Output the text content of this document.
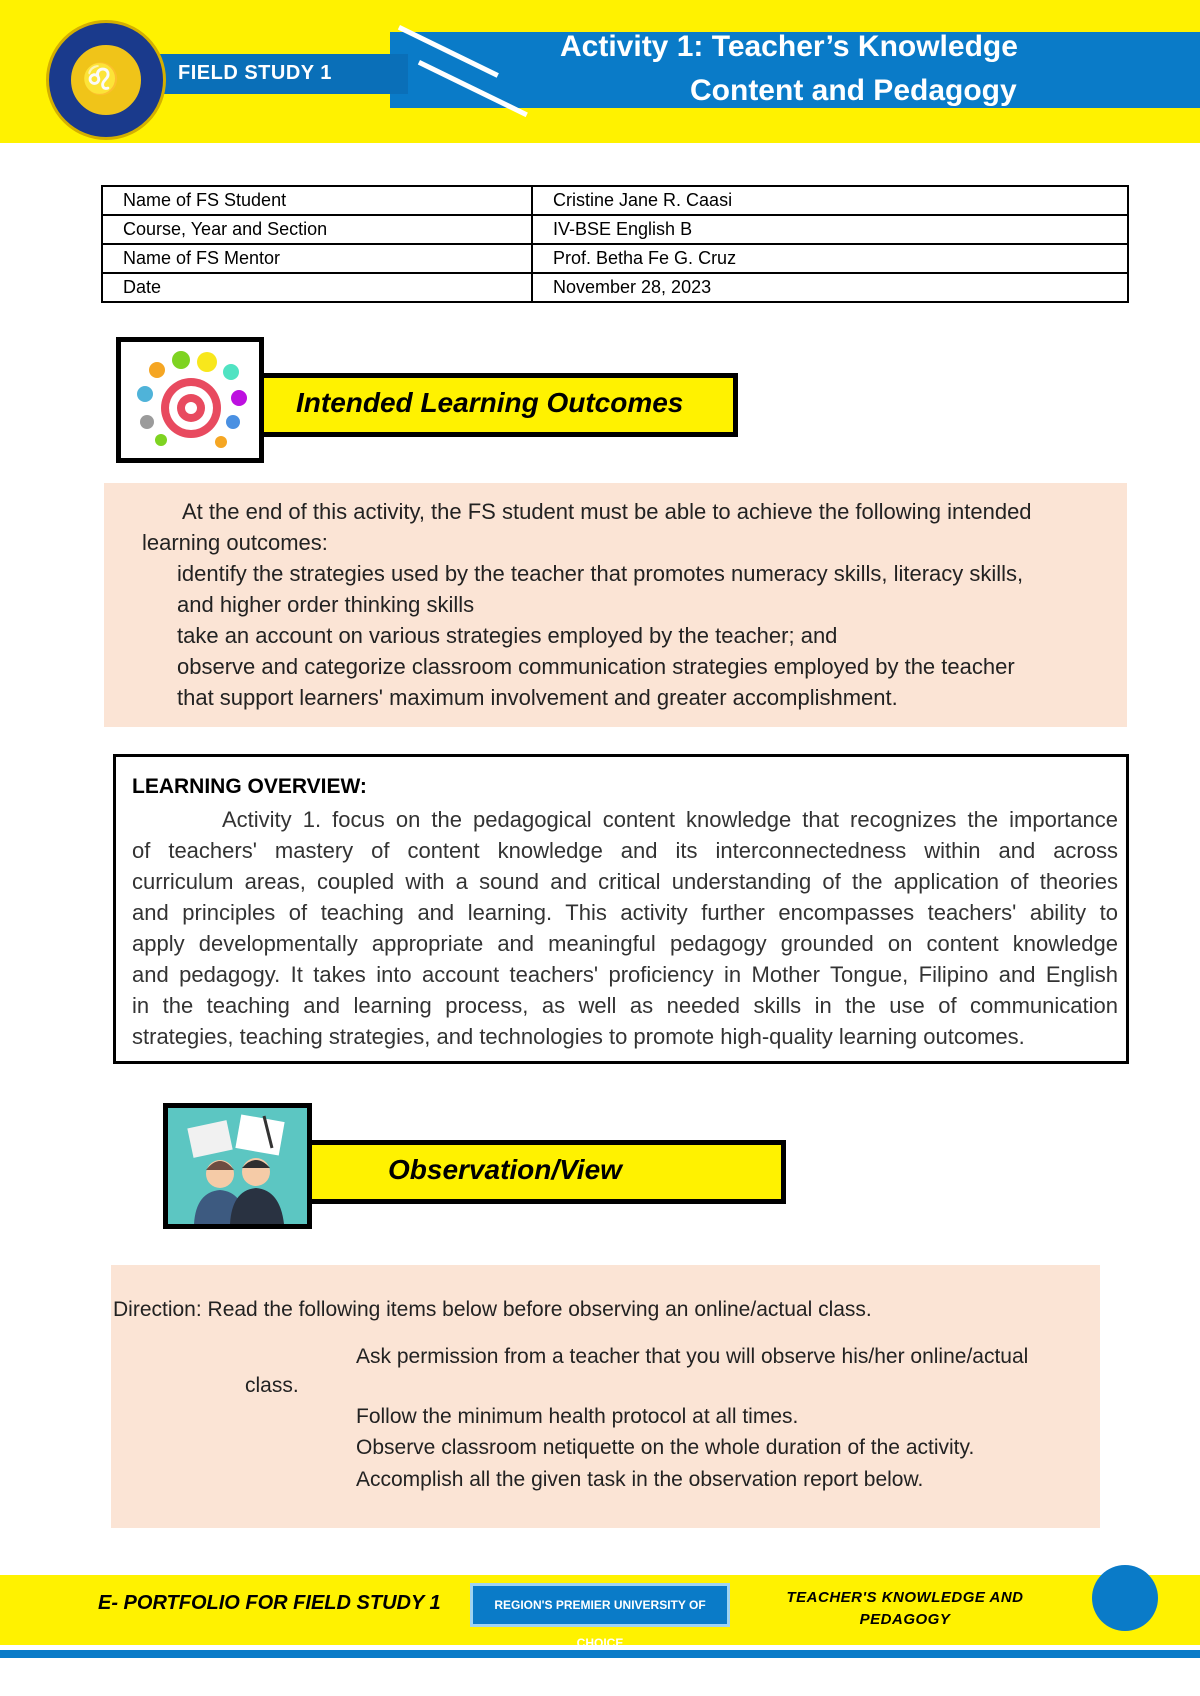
FIELD STUDY 1
Activity 1: Teacher’s Knowledge
Content and Pedagogy
♌
Name of FS Student	Cristine Jane R. Caasi
Course, Year and Section	IV-BSE English B
Name of FS Mentor	Prof. Betha Fe G. Cruz
Date	November 28, 2023
Intended Learning Outcomes
At the end of this activity, the FS student must be able to achieve the following intended
learning outcomes:
identify the strategies used by the teacher that promotes numeracy skills, literacy skills,
and higher order thinking skills
take an account on various strategies employed by the teacher; and
observe and categorize classroom communication strategies employed by the teacher
that support learners' maximum involvement and greater accomplishment.
LEARNING OVERVIEW:
Activity 1. focus on the pedagogical content knowledge that recognizes the importance
of teachers' mastery of content knowledge and its interconnectedness within and across
curriculum areas, coupled with a sound and critical understanding of the application of theories
and principles of teaching and learning. This activity further encompasses teachers' ability to
apply developmentally appropriate and meaningful pedagogy grounded on content knowledge
and pedagogy. It takes into account teachers' proficiency in Mother Tongue, Filipino and English
in the teaching and learning process, as well as needed skills in the use of communication
strategies, teaching strategies, and technologies to promote high-quality learning outcomes.
Observation/View
Direction: Read the following items below before observing an online/actual class.
Ask permission from a teacher that you will observe his/her online/actual
class.
Follow the minimum health protocol at all times.
Observe classroom netiquette on the whole duration of the activity.
Accomplish all the given task in the observation report below.
E- PORTFOLIO FOR FIELD STUDY 1	REGION'S PREMIER UNIVERSITY OF CHOICE
TEACHER'S KNOWLEDGE AND
PEDAGOGY
